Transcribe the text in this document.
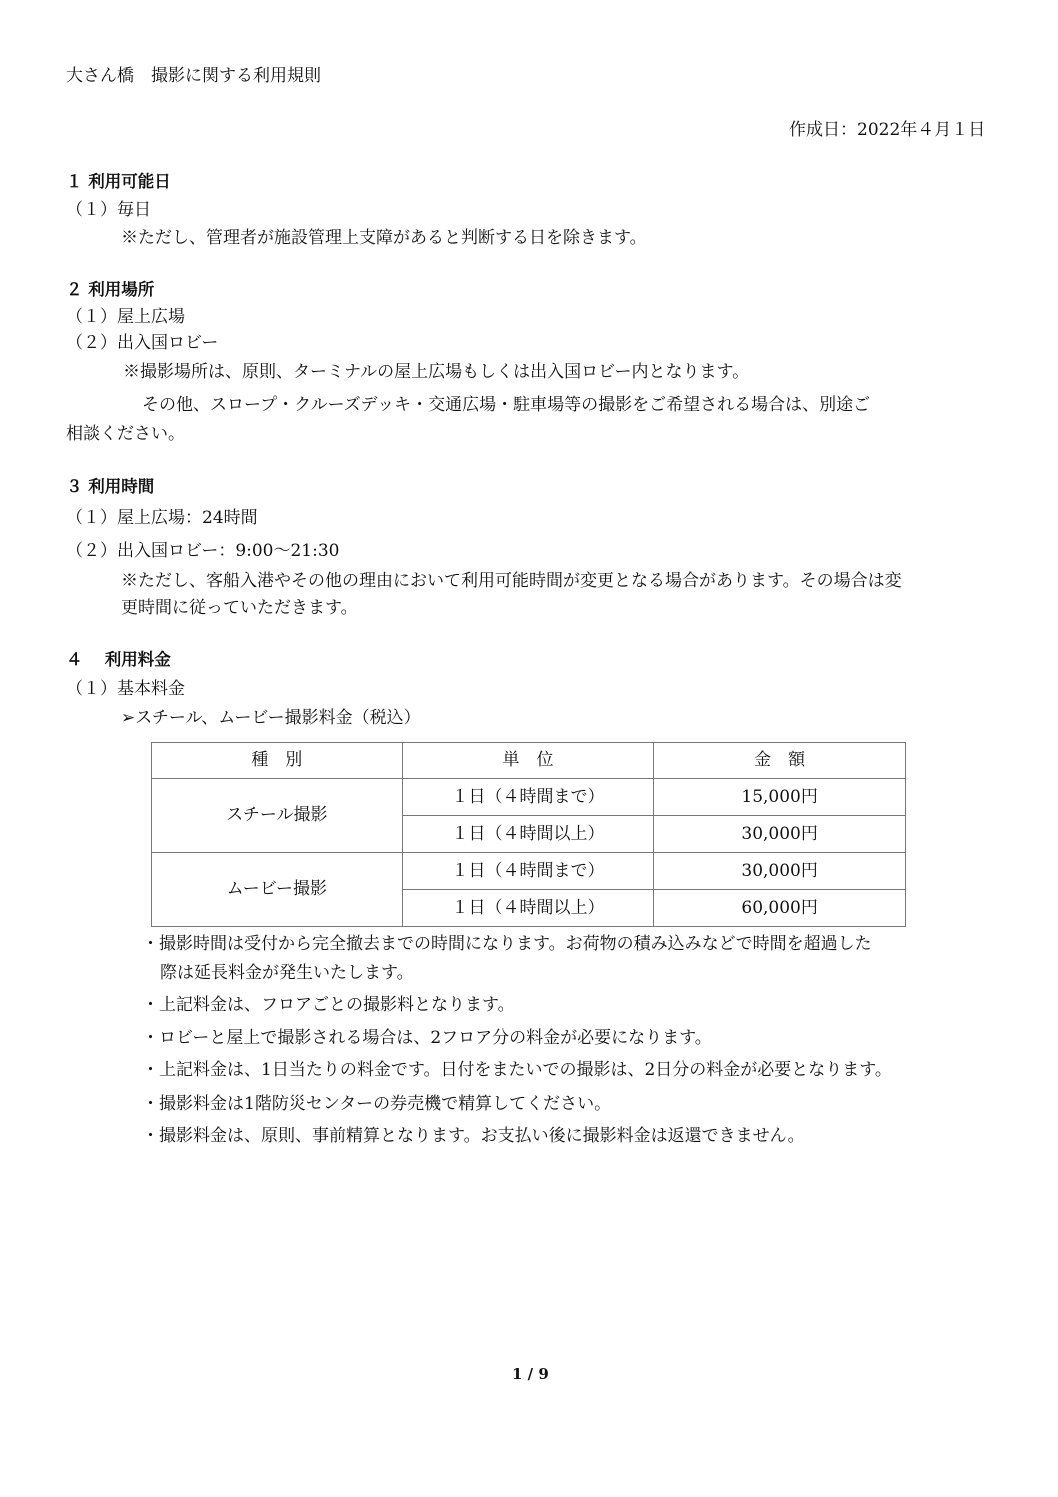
大さん橋　撮影に関する利用規則
作成日：2022年４月１日
１ 利用可能日
（１）毎日
※ただし、管理者が施設管理上支障があると判断する日を除きます。
２ 利用場所
（１）屋上広場
（２）出入国ロビー
※撮影場所は、原則、ターミナルの屋上広場もしくは出入国ロビー内となります。
その他、スロープ・クルーズデッキ・交通広場・駐車場等の撮影をご希望される場合は、別途ご
相談ください。
３ 利用時間
（１）屋上広場：24時間
（２）出入国ロビー：9:00〜21:30
※ただし、客船入港やその他の理由において利用可能時間が変更となる場合があります。その場合は変
更時間に従っていただきます。
４　 利用料金
（１）基本料金
➢スチール、ムービー撮影料金（税込）
種　別	単　位	金　額
スチール撮影	１日（４時間まで）	15,000円
	１日（４時間以上）	30,000円
ムービー撮影	１日（４時間まで）	30,000円
	１日（４時間以上）	60,000円
・撮影時間は受付から完全撤去までの時間になります。お荷物の積み込みなどで時間を超過した
際は延長料金が発生いたします。
・上記料金は、フロアごとの撮影料となります。
・ロビーと屋上で撮影される場合は、2フロア分の料金が必要になります。
・上記料金は、1日当たりの料金です。日付をまたいでの撮影は、2日分の料金が必要となります。
・撮影料金は1階防災センターの券売機で精算してください。
・撮影料金は、原則、事前精算となります。お支払い後に撮影料金は返還できません。
1 / 9
